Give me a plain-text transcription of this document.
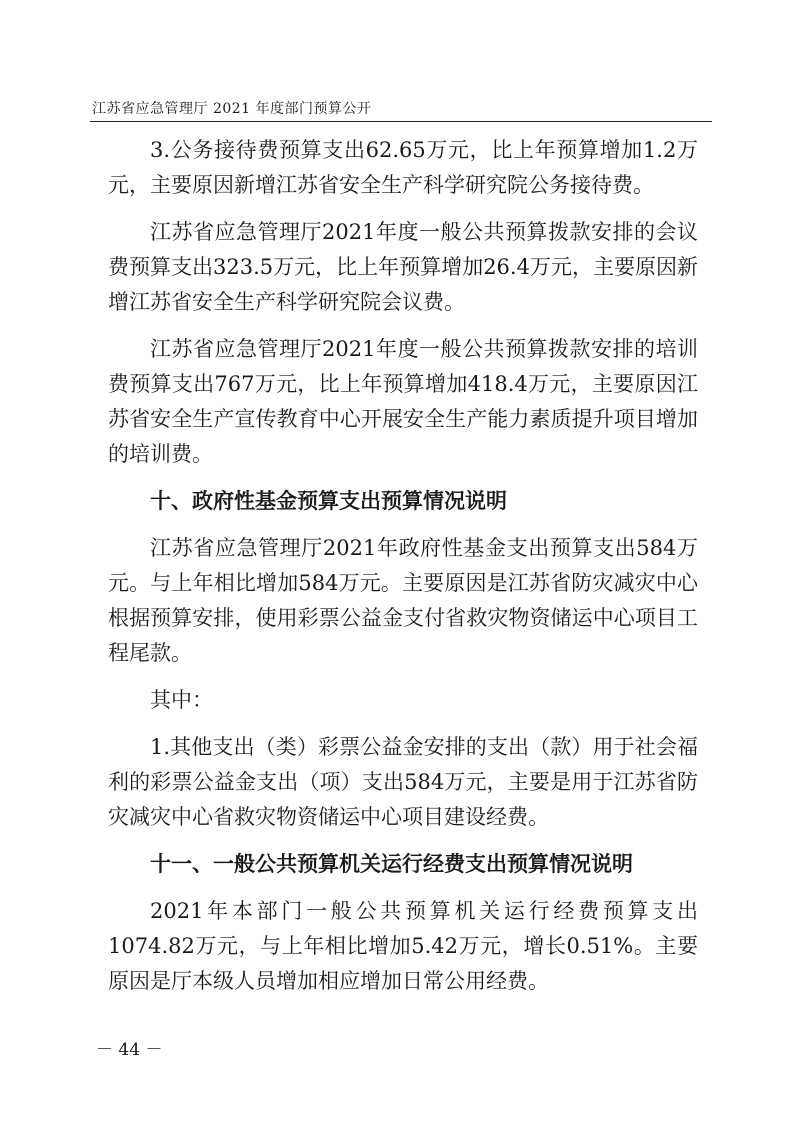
江苏省应急管理厅 2021 年度部门预算公开

3.公务接待费预算支出62.65万元，比上年预算增加1.2万元，主要原因新增江苏省安全生产科学研究院公务接待费。

江苏省应急管理厅2021年度一般公共预算拨款安排的会议费预算支出323.5万元，比上年预算增加26.4万元，主要原因新增江苏省安全生产科学研究院会议费。

江苏省应急管理厅2021年度一般公共预算拨款安排的培训费预算支出767万元，比上年预算增加418.4万元，主要原因江苏省安全生产宣传教育中心开展安全生产能力素质提升项目增加的培训费。

十、政府性基金预算支出预算情况说明

江苏省应急管理厅2021年政府性基金支出预算支出584万元。与上年相比增加584万元。主要原因是江苏省防灾减灾中心根据预算安排，使用彩票公益金支付省救灾物资储运中心项目工程尾款。

其中：

1.其他支出（类）彩票公益金安排的支出（款）用于社会福利的彩票公益金支出（项）支出584万元，主要是用于江苏省防灾减灾中心省救灾物资储运中心项目建设经费。

十一、一般公共预算机关运行经费支出预算情况说明

2021年本部门一般公共预算机关运行经费预算支出1074.82万元，与上年相比增加5.42万元，增长0.51%。主要原因是厅本级人员增加相应增加日常公用经费。

－ 44 －
